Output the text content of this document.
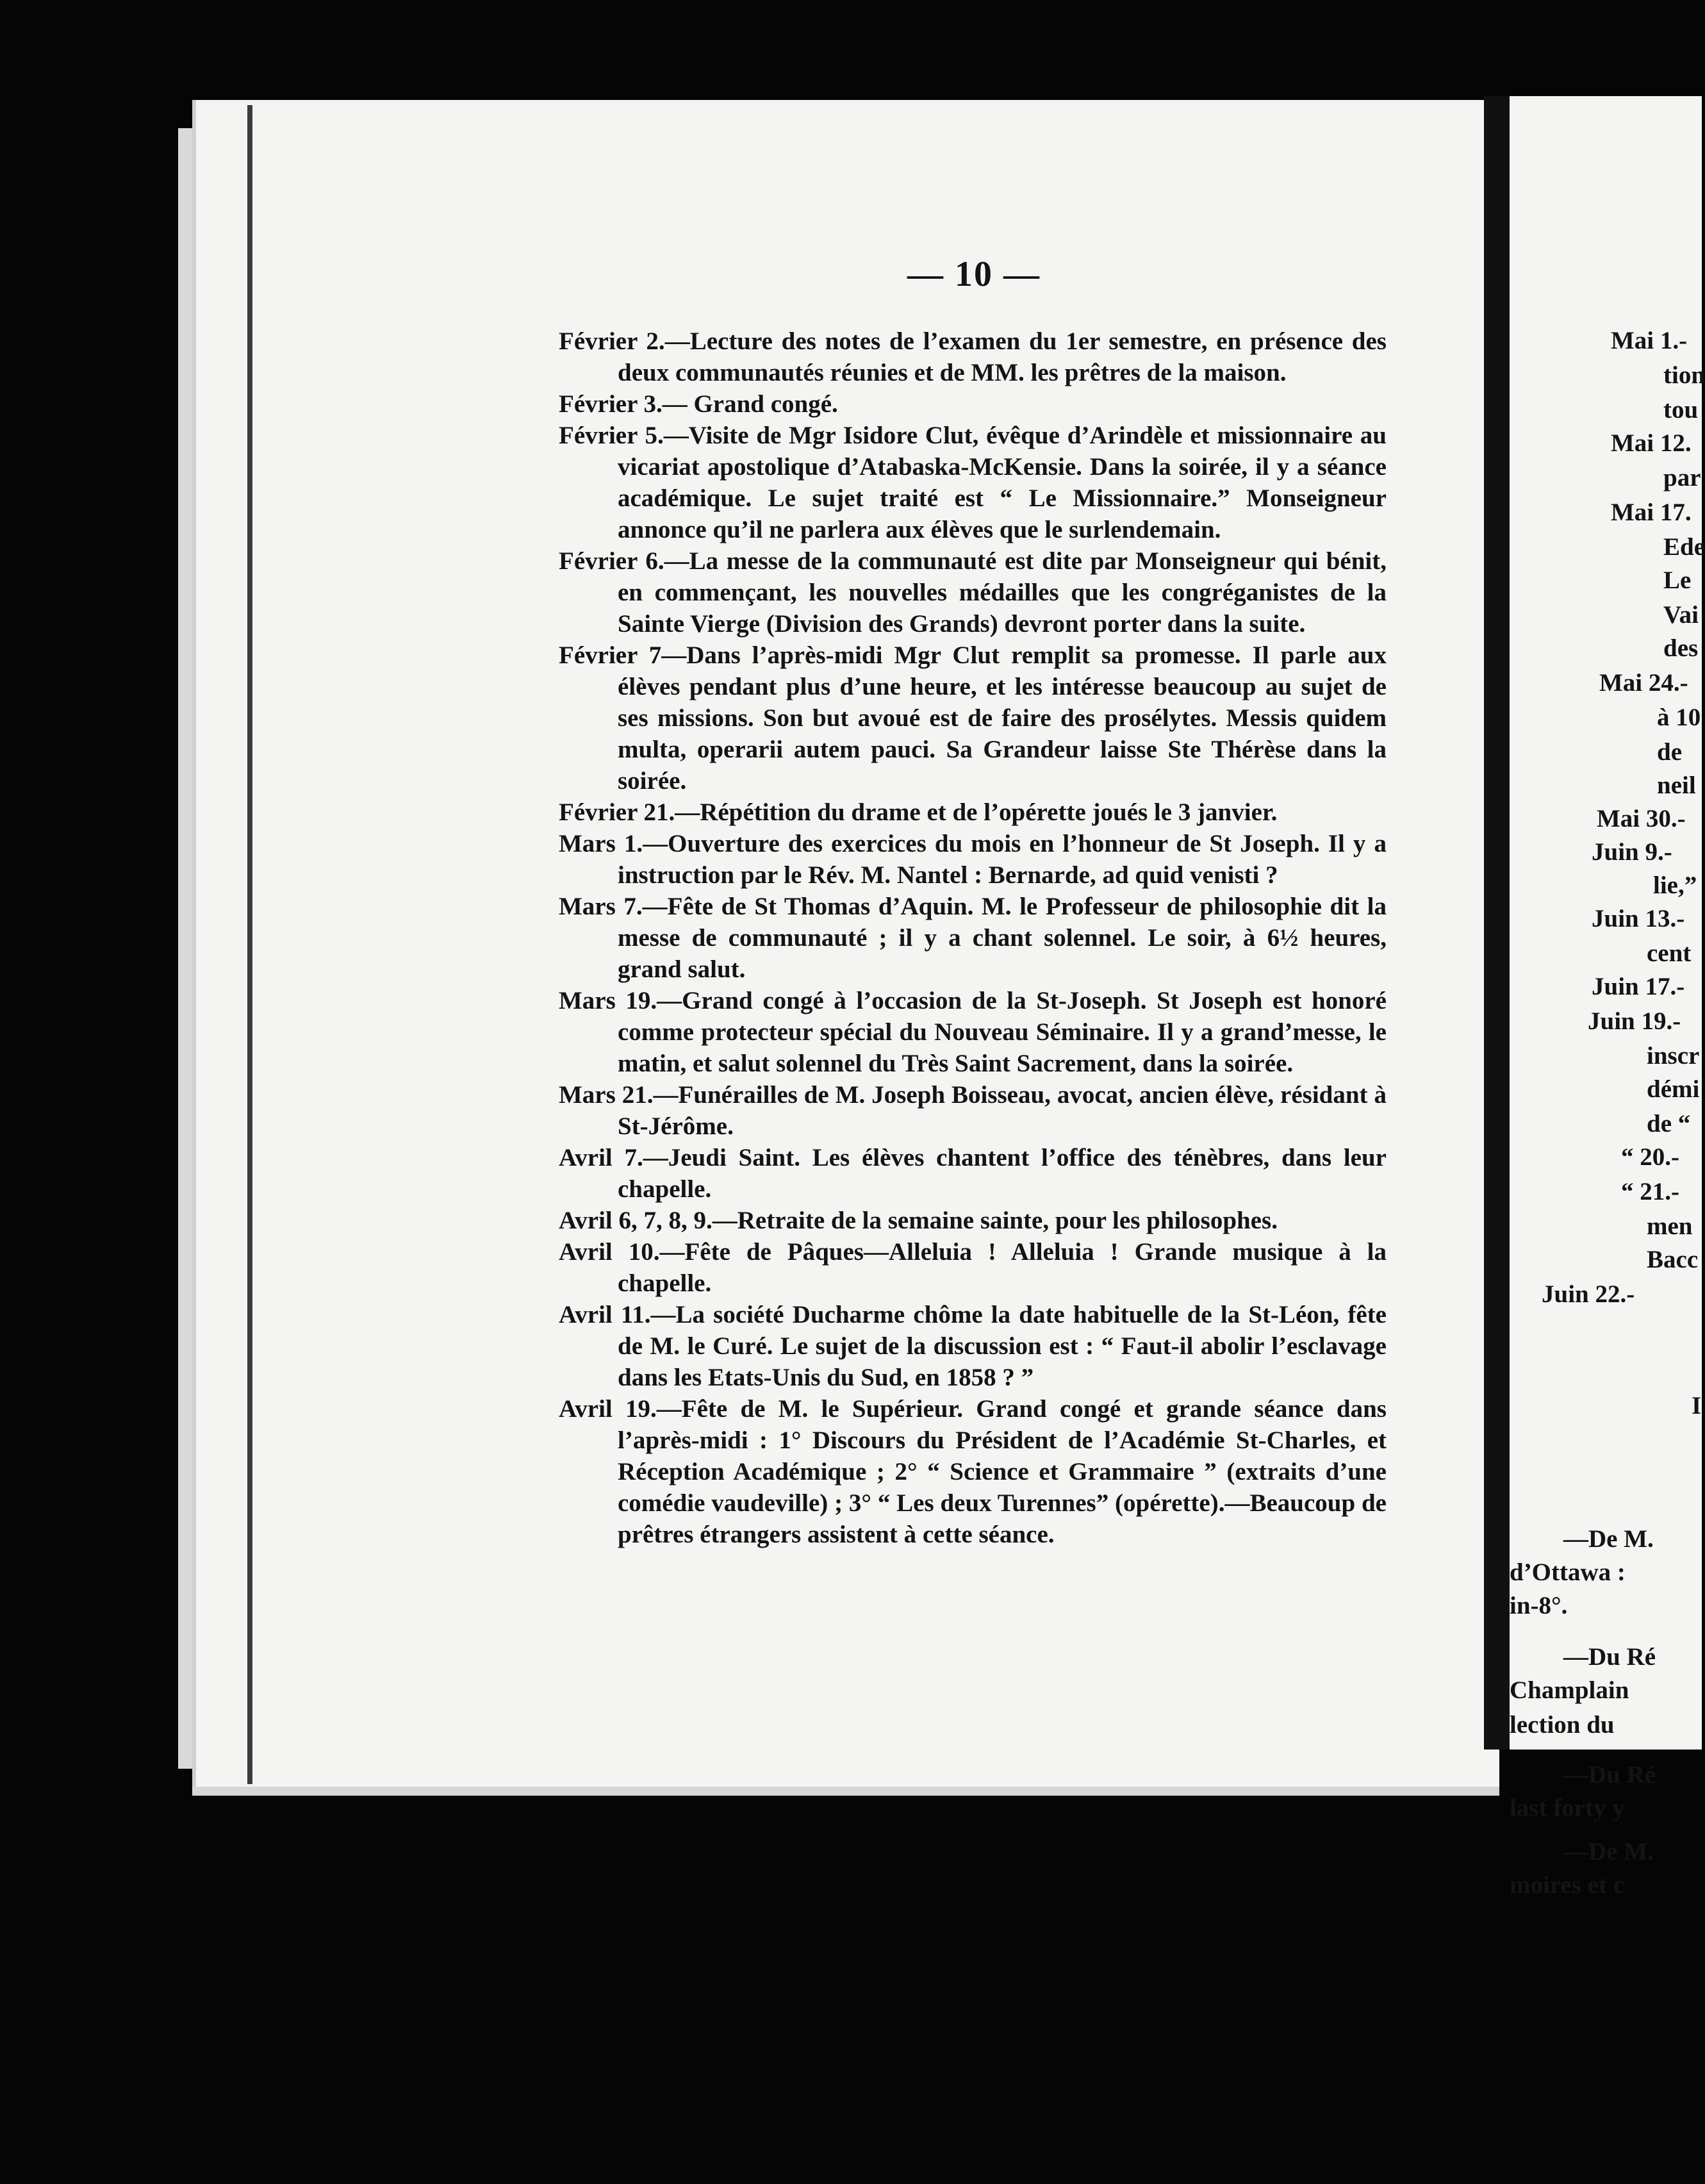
— 10 —
Février 2.—Lecture des notes de l’examen du 1er semestre, en présence des deux communautés réunies et de MM. les prêtres de la maison.
Février 3.— Grand congé.
Février 5.—Visite de Mgr Isidore Clut, évêque d’Arindèle et missionnaire au vicariat apostolique d’Atabaska-McKensie. Dans la soirée, il y a séance académique. Le sujet traité est “ Le Missionnaire.” Monseigneur annonce qu’il ne parlera aux élèves que le surlendemain.
Février 6.—La messe de la communauté est dite par Monseigneur qui bénit, en commençant, les nouvelles médailles que les congréganistes de la Sainte Vierge (Division des Grands) devront porter dans la suite.
Février 7—Dans l’après-midi Mgr Clut remplit sa promesse. Il parle aux élèves pendant plus d’une heure, et les intéresse beaucoup au sujet de ses missions. Son but avoué est de faire des prosélytes. Messis quidem multa, operarii autem pauci. Sa Grandeur laisse Ste Thérèse dans la soirée.
Février 21.—Répétition du drame et de l’opérette joués le 3 janvier.
Mars 1.—Ouverture des exercices du mois en l’honneur de St Joseph. Il y a instruction par le Rév. M. Nantel : Bernarde, ad quid venisti ?
Mars 7.—Fête de St Thomas d’Aquin. M. le Professeur de philosophie dit la messe de communauté ; il y a chant solennel. Le soir, à 6½ heures, grand salut.
Mars 19.—Grand congé à l’occasion de la St-Joseph. St Joseph est honoré comme protecteur spécial du Nouveau Séminaire. Il y a grand’messe, le matin, et salut solennel du Très Saint Sacrement, dans la soirée.
Mars 21.—Funérailles de M. Joseph Boisseau, avocat, ancien élève, résidant à St-Jérôme.
Avril 7.—Jeudi Saint. Les élèves chantent l’office des ténèbres, dans leur chapelle.
Avril 6, 7, 8, 9.—Retraite de la semaine sainte, pour les philosophes.
Avril 10.—Fête de Pâques—Alleluia ! Alleluia ! Grande musique à la chapelle.
Avril 11.—La société Ducharme chôme la date habituelle de la St-Léon, fête de M. le Curé. Le sujet de la discussion est : “ Faut-il abolir l’esclavage dans les Etats-Unis du Sud, en 1858 ? ”
Avril 19.—Fête de M. le Supérieur. Grand congé et grande séance dans l’après-midi : 1° Discours du Président de l’Académie St-Charles, et Réception Académique ; 2° “ Science et Grammaire ” (extraits d’une comédie vaudeville) ; 3° “ Les deux Turennes” (opérette).—Beaucoup de prêtres étrangers assistent à cette séance.
Mai 1.-
tion
tou
Mai 12.
par
Mai 17.
Ede
Le
Vai
des
Mai 24.-
à 10
de
neil
Mai 30.-
Juin 9.-
lie,”
Juin 13.-
cent
Juin 17.-
Juin 19.-
inscr
démi
de “
“ 20.-
“ 21.-
men
Bacc
Juin 22.-
I
—De M.
d’Ottawa :
in-8°.
—Du Ré
Champlain
lection du
—Du Ré
last forty y
—De M.
moires et c
